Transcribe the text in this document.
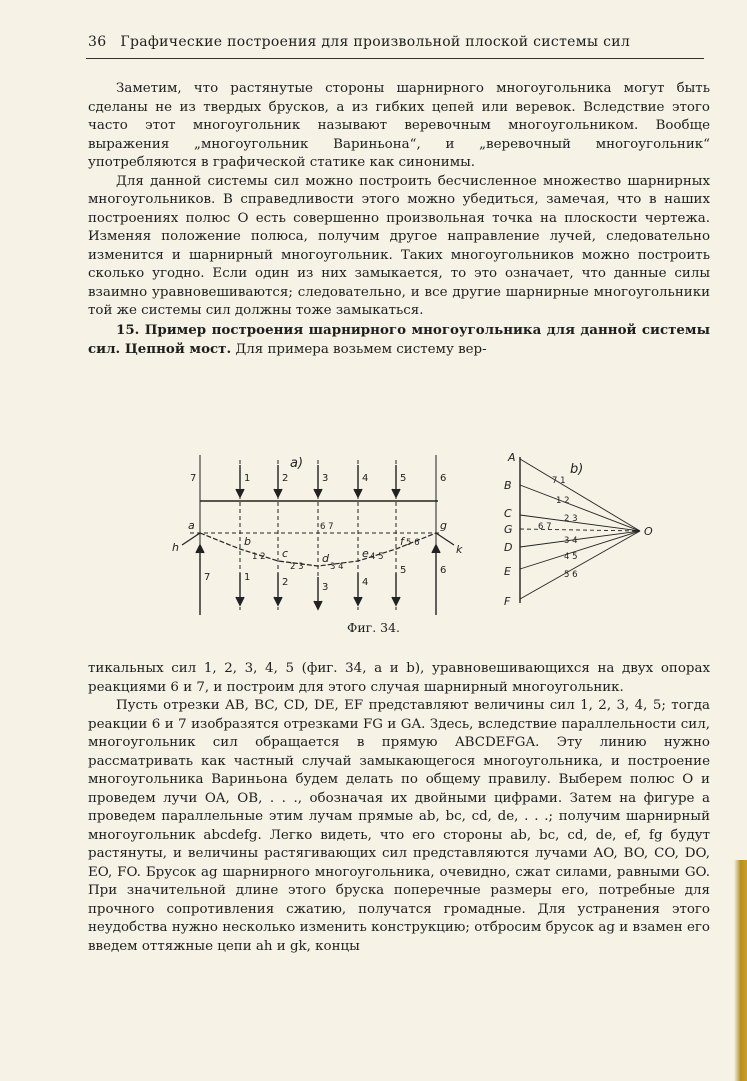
36 Графические построения для произвольной плоской системы сил

Заметим, что растянутые стороны шарнирного многоугольника могут быть сделаны не из твердых брусков, а из гибких цепей или веревок. Вследствие этого часто этот многоугольник называют веревочным многоугольником. Вообще выражения „многоугольник Вариньона“, и „веревочный многоугольник“ употребляются в графической статике как синонимы.

Для данной системы сил можно построить бесчисленное множество шарнирных многоугольников. В справедливости этого можно убедиться, замечая, что в наших построениях полюс O есть совершенно произвольная точка на плоскости чертежа. Изменяя положение полюса, получим другое направление лучей, следовательно изменится и шарнирный многоугольник. Таких многоугольников можно построить сколько угодно. Если один из них замыкается, то это означает, что данные силы взаимно уравновешиваются; следовательно, и все другие шарнирные многоугольники той же системы сил должны тоже замыкаться.

15. Пример построения шарнирного многоугольника для данной системы сил. Цепной мост. Для примера возьмем систему вер-

a)
7	1	2	3	4	5	6
7	1	2	3	4
5	6
a	g
h	b
c	d	e
f
k
6 7
1 2
2 3	3 4
4 5
5 6
b)
A
B
C
G
D
E
F
O
7 1
1 2
6 7
2 3
3 4
4 5
5 6
Фиг. 34.

тикальных сил 1, 2, 3, 4, 5 (фиг. 34, a и b), уравновешивающихся на двух опорах реакциями 6 и 7, и построим для этого случая шарнирный многоугольник.

Пусть отрезки AB, BC, CD, DE, EF представляют величины сил 1, 2, 3, 4, 5; тогда реакции 6 и 7 изобразятся отрезками FG и GA. Здесь, вследствие параллельности сил, многоугольник сил обращается в прямую ABCDEFGA. Эту линию нужно рассматривать как частный случай замыкающегося многоугольника, и построение многоугольника Вариньона будем делать по общему правилу. Выберем полюс O и проведем лучи OA, OB, . . ., обозначая их двойными цифрами. Затем на фигуре a проведем параллельные этим лучам прямые ab, bc, cd, de, . . .; получим шарнирный многоугольник abcdefg. Легко видеть, что его стороны ab, bc, cd, de, ef, fg будут растянуты, и величины растягивающих сил представляются лучами AO, BO, CO, DO, EO, FO. Брусок ag шарнирного многоугольника, очевидно, сжат силами, равными GO. При значительной длине этого бруска поперечные размеры его, потребные для прочного сопротивления сжатию, получатся громадные. Для устранения этого неудобства нужно несколько изменить конструкцию; отбросим брусок ag и взамен его введем оттяжные цепи ah и gk, концы
